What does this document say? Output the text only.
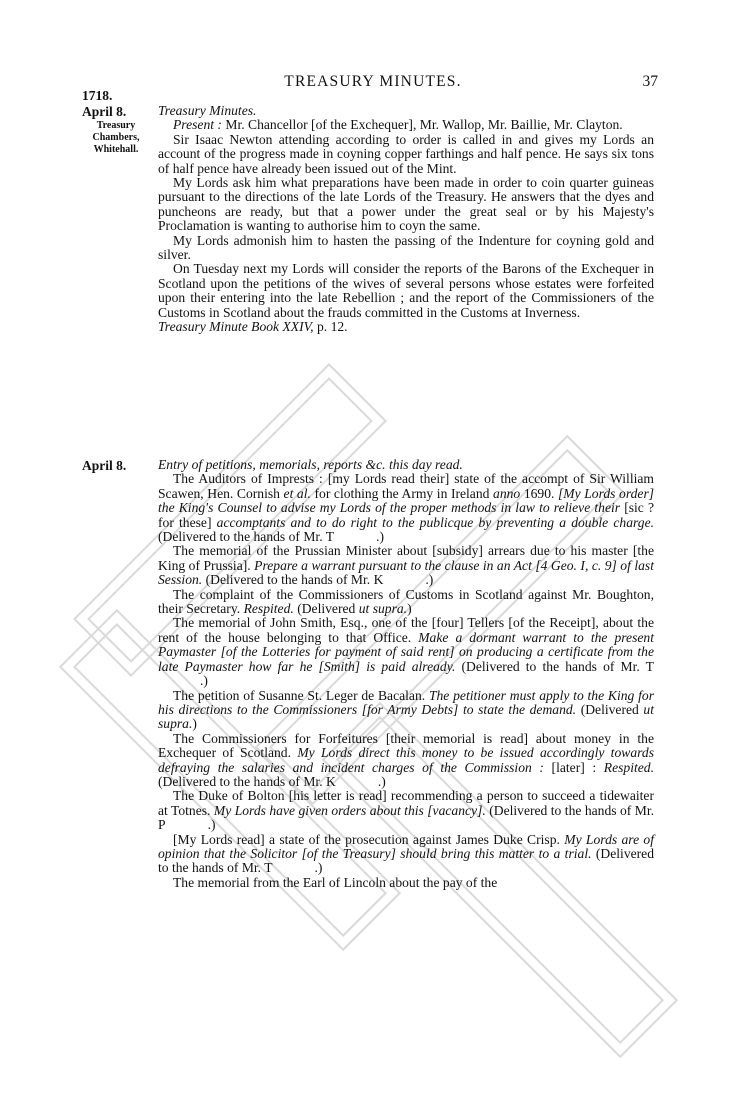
TREASURY MINUTES.	37
1718.
April 8.
Treasury
Chambers,
Whitehall.

Treasury Minutes.

Present : Mr. Chancellor [of the Exchequer], Mr. Wallop, Mr. Baillie, Mr. Clayton.

Sir Isaac Newton attending according to order is called in and gives my Lords an account of the progress made in coyning copper farthings and half pence. He says six tons of half pence have already been issued out of the Mint.

My Lords ask him what preparations have been made in order to coin quarter guineas pursuant to the directions of the late Lords of the Treasury. He answers that the dyes and puncheons are ready, but that a power under the great seal or by his Majesty's Proclamation is wanting to authorise him to coyn the same.

My Lords admonish him to hasten the passing of the Indenture for coyning gold and silver.

On Tuesday next my Lords will consider the reports of the Barons of the Exchequer in Scotland upon the petitions of the wives of several persons whose estates were forfeited upon their entering into the late Rebellion ; and the report of the Commissioners of the Customs in Scotland about the frauds committed in the Customs at Inverness.

Treasury Minute Book XXIV, p. 12.

April 8.	Entry of petitions, memorials, reports &c. this day read.

The Auditors of Imprests : [my Lords read their] state of the accompt of Sir William Scawen, Hen. Cornish et al. for clothing the Army in Ireland anno 1690. [My Lords order] the King's Counsel to advise my Lords of the proper methods in law to relieve their [sic ? for these] accomptants and to do right to the publicque by preventing a double charge. (Delivered to the hands of Mr. T	.)

The memorial of the Prussian Minister about [subsidy] arrears due to his master [the King of Prussia]. Prepare a warrant pursuant to the clause in an Act [4 Geo. I, c. 9] of last Session. (Delivered to the hands of Mr. K	.)

The complaint of the Commissioners of Customs in Scotland against Mr. Boughton, their Secretary. Respited. (Delivered ut supra.)

The memorial of John Smith, Esq., one of the [four] Tellers [of the Receipt], about the rent of the house belonging to that Office. Make a dormant warrant to the present Paymaster [of the Lotteries for payment of said rent] on producing a certificate from the late Paymaster how far he [Smith] is paid already. (Delivered to the hands of Mr. T.)

The petition of Susanne St. Leger de Bacalan. The petitioner must apply to the King for his directions to the Commissioners [for Army Debts] to state the demand. (Delivered ut supra.)

The Commissioners for Forfeitures [their memorial is read] about money in the Exchequer of Scotland. My Lords direct this money to be issued accordingly towards defraying the salaries and incident charges of the Commission : [later] : Respited. (Delivered to the hands of Mr. K	.)

The Duke of Bolton [his letter is read] recommending a person to succeed a tidewaiter at Totnes. My Lords have given orders about this [vacancy]. (Delivered to the hands of Mr. P	.)

[My Lords read] a state of the prosecution against James Duke Crisp. My Lords are of opinion that the Solicitor [of the Treasury] should bring this matter to a trial. (Delivered to the hands of Mr. T	.)

The memorial from the Earl of Lincoln about the pay of the
